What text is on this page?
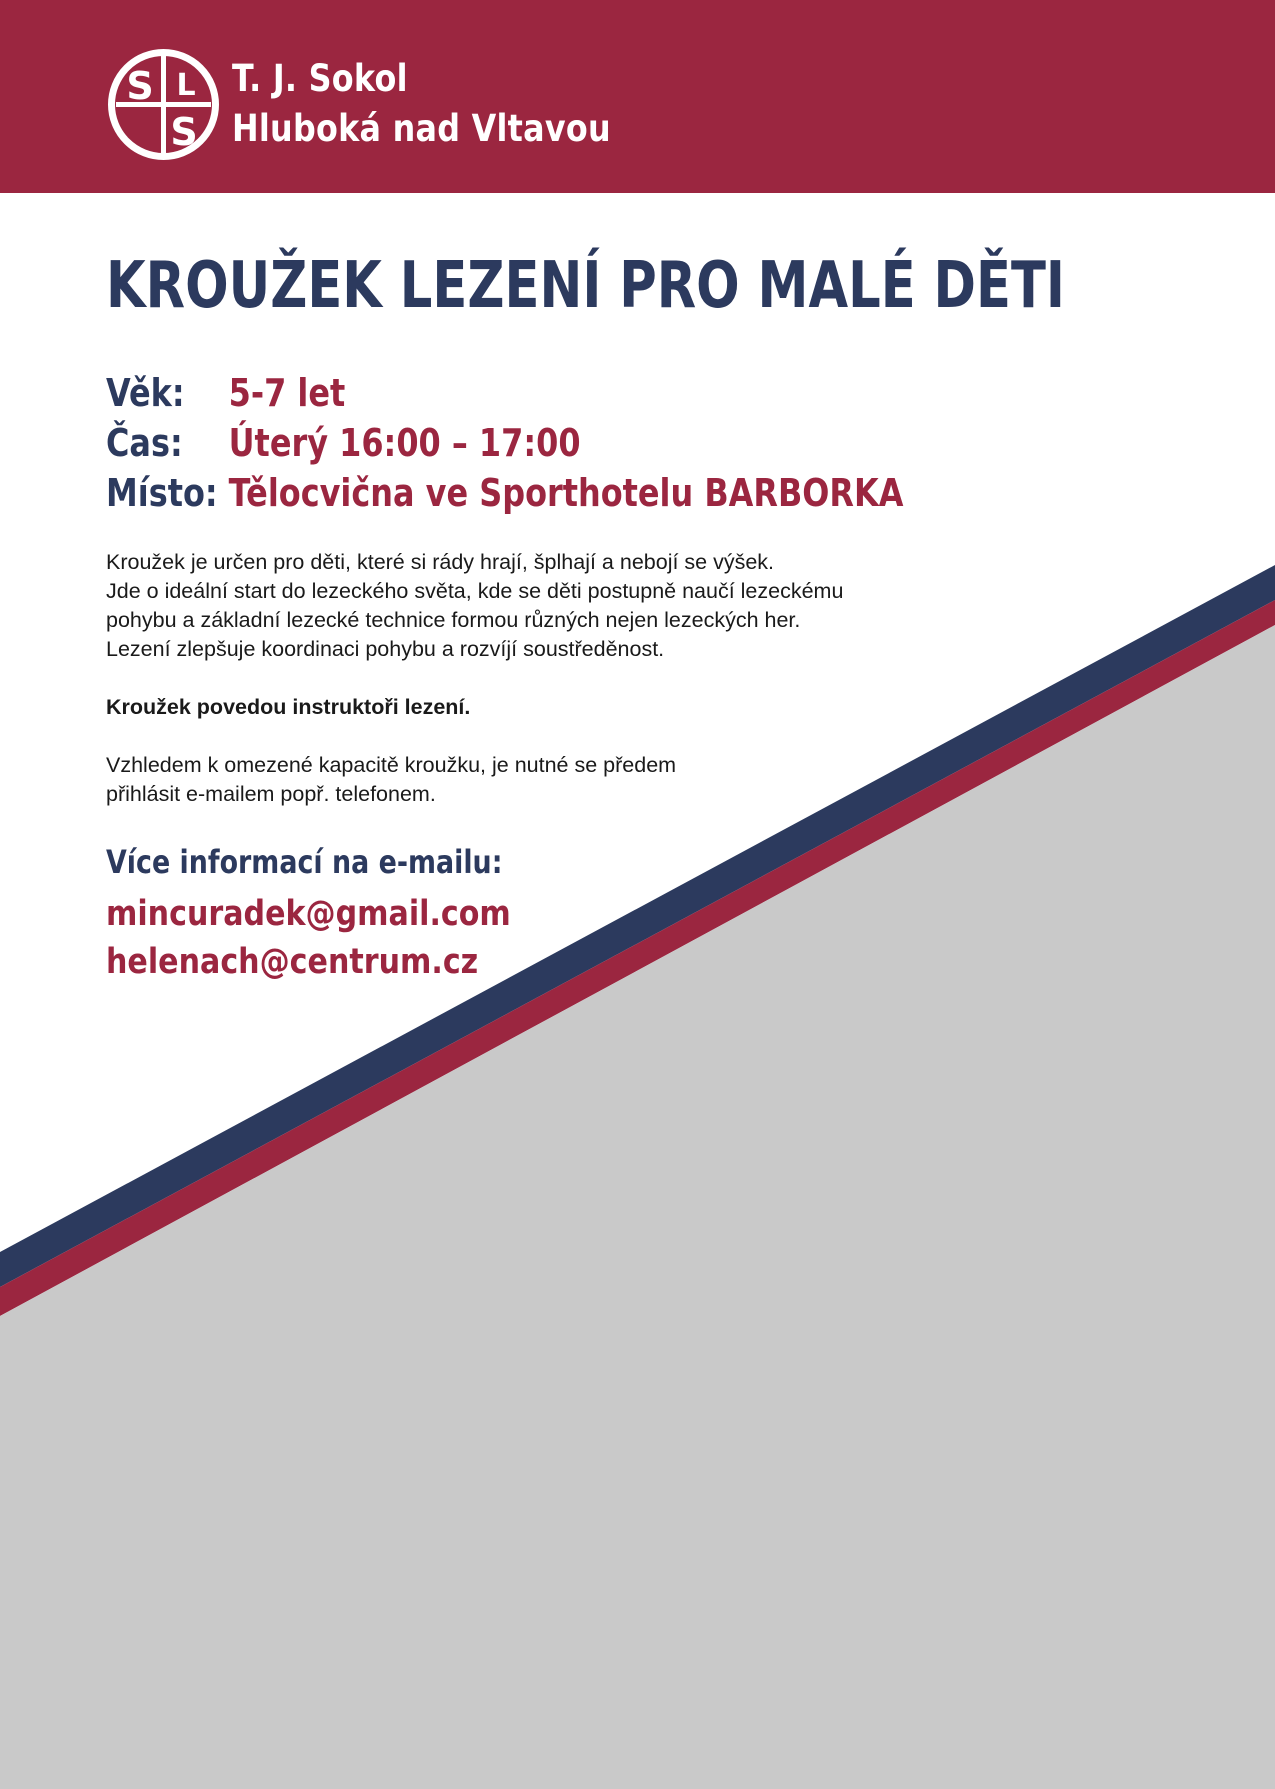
S L
S
T. J. Sokol
Hluboká nad Vltavou
KROUŽEK LEZENÍ PRO MALÉ DĚTI
Věk: 5-7 let
Čas: Úterý 16:00 – 17:00
Místo: Tělocvična ve Sporthotelu BARBORKA

Kroužek je určen pro děti, které si rády hrají, šplhají a nebojí se výšek.

Jde o ideální start do lezeckého světa, kde se děti postupně naučí lezeckému

pohybu a základní lezecké technice formou různých nejen lezeckých her.

Lezení zlepšuje koordinaci pohybu a rozvíjí soustředěnost.

Kroužek povedou instruktoři lezení.

Vzhledem k omezené kapacitě kroužku, je nutné se předem

přihlásit e-mailem popř. telefonem.

Více informací na e-mailu:
mincuradek@gmail.com
helenach@centrum.cz
